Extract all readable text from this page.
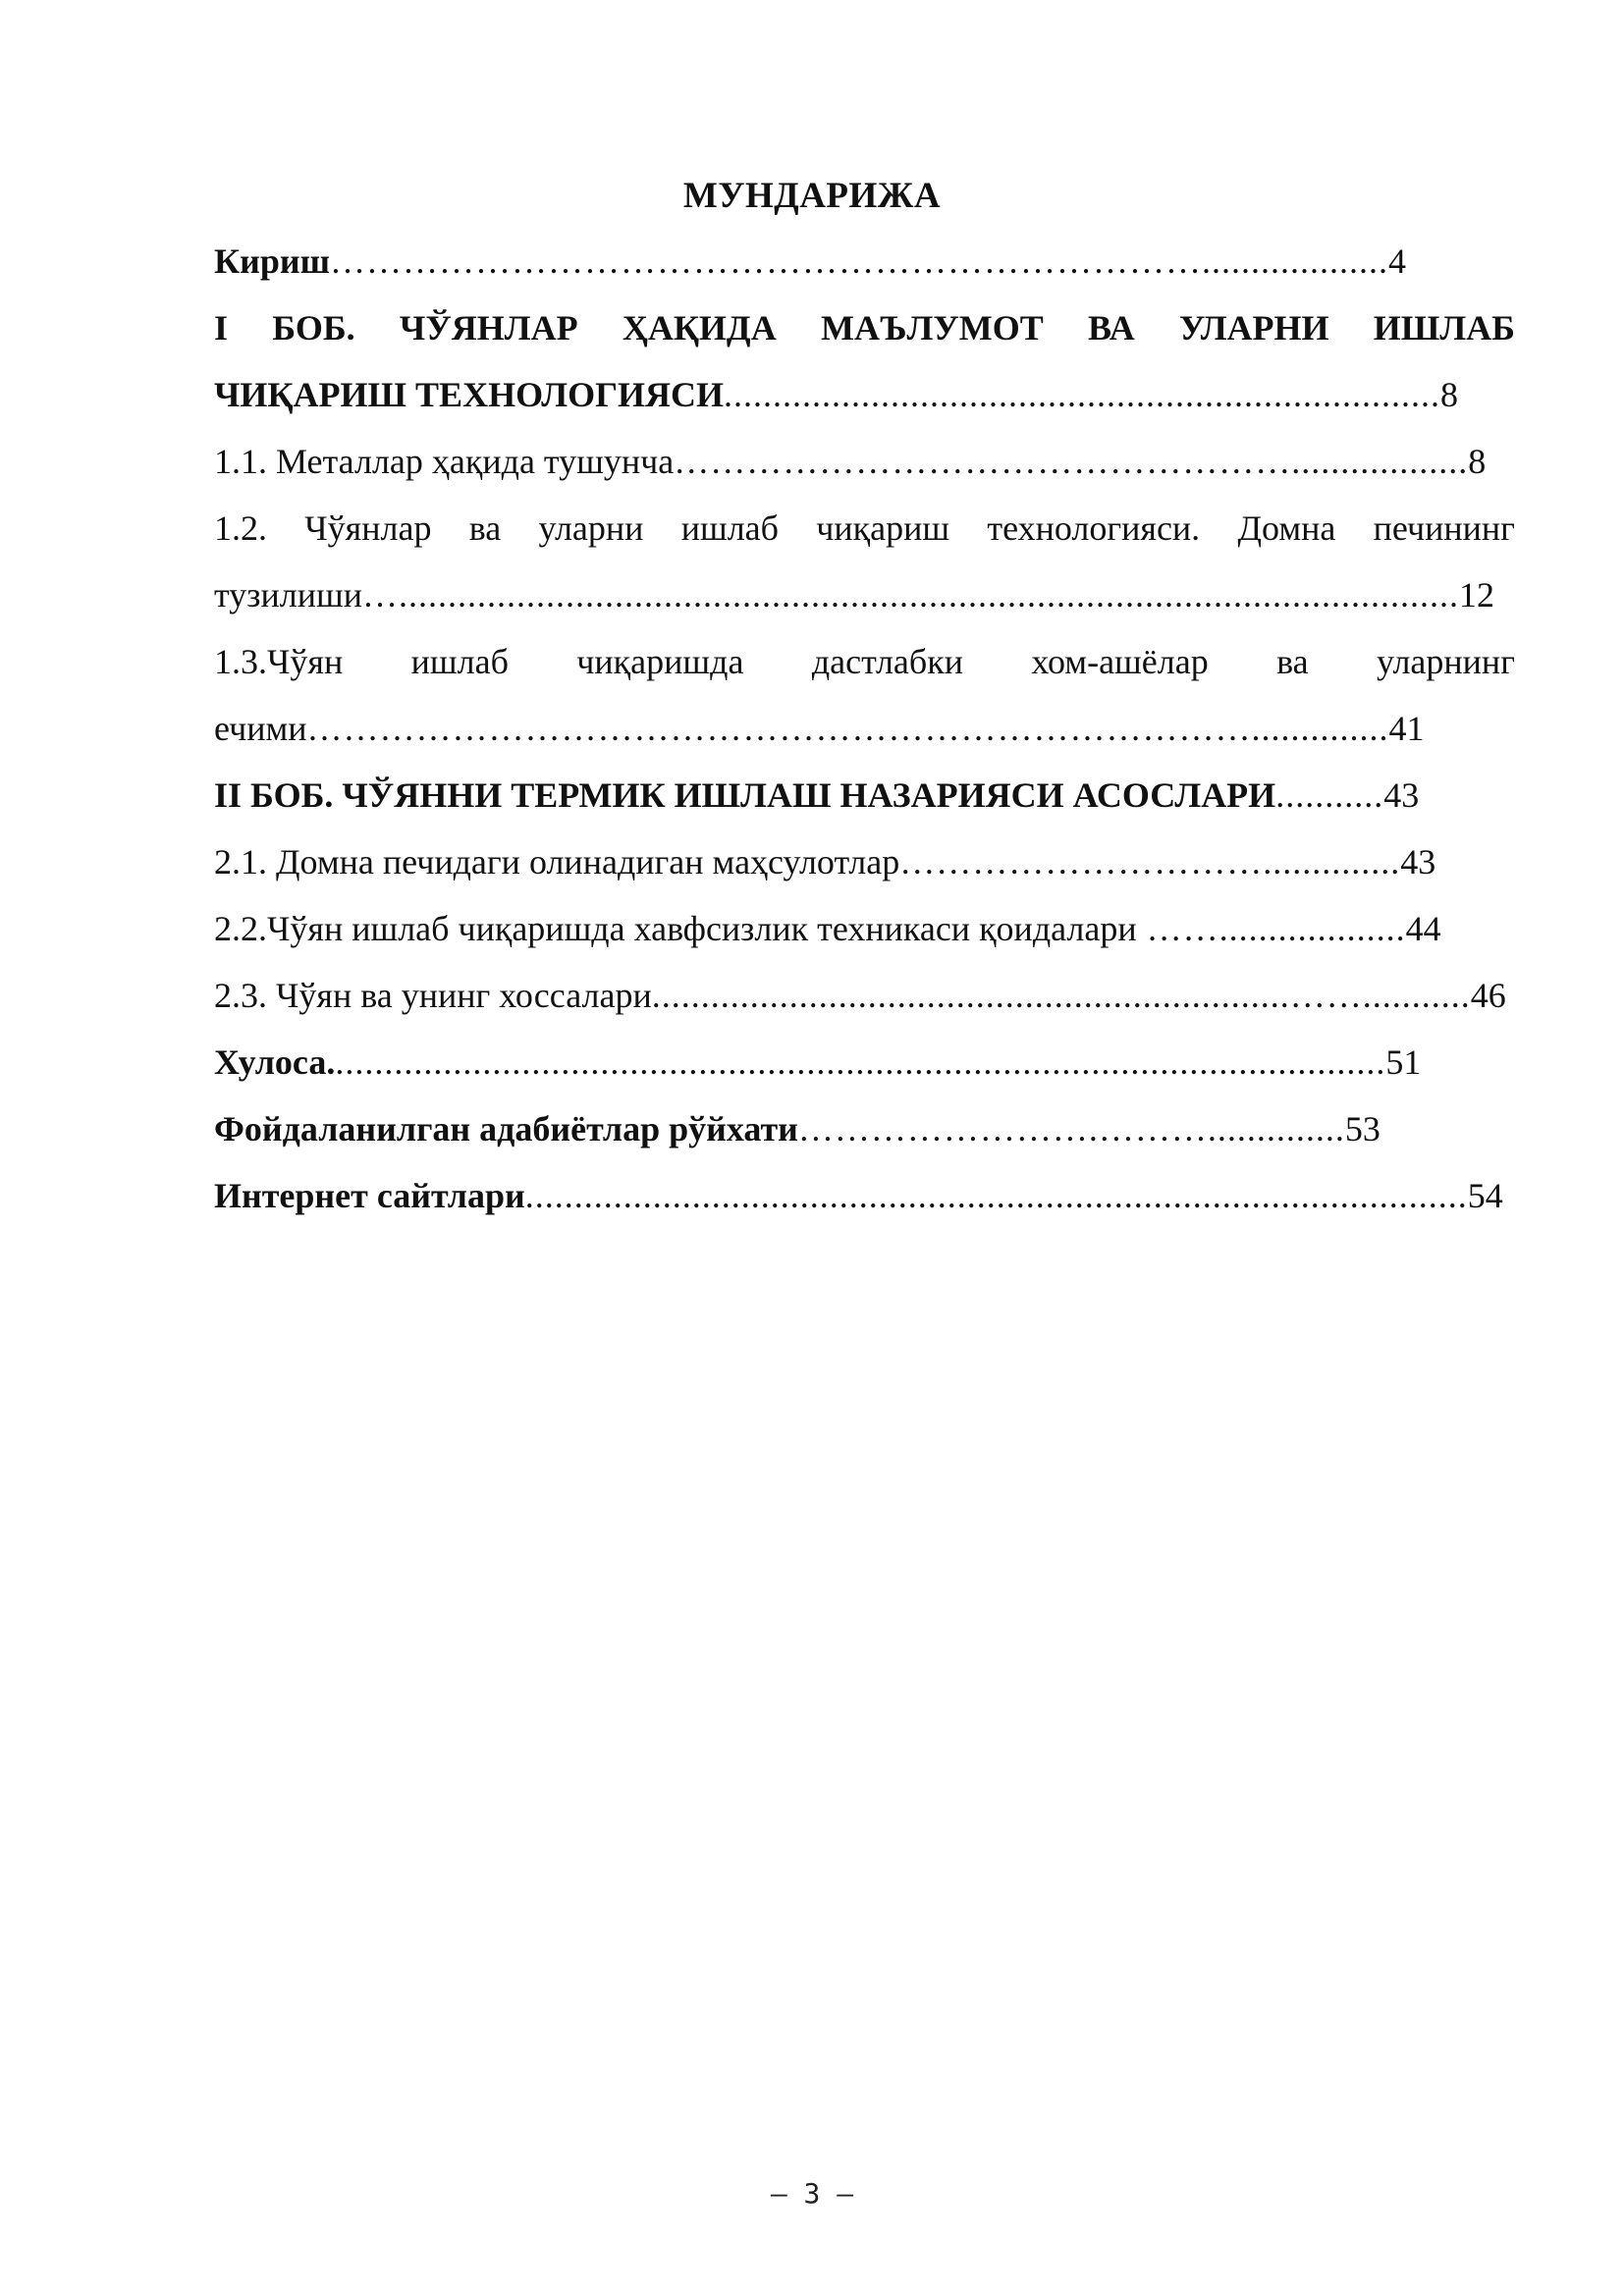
МУНДАРИЖА
Кириш………………………………………………………………...................4
I БОБ. ЧЎЯНЛАР ҲАҚИДА МАЪЛУМОТ ВА УЛАРНИ ИШЛАБ
ЧИҚАРИШ ТЕХНОЛОГИЯСИ.........................................................................8
1.1. Металлар ҳақида тушунча……………………………………………..................8
1.2. Чўянлар ва уларни ишлаб чиқариш технологияси. Домна печининг
тузилиши…............................................................................................................12
1.3.Чўян ишлаб чиқаришда дастлабки хом-ашёлар ва уларнинг
ечими……………………………………………………………………..............41
II БОБ. ЧЎЯННИ ТЕРМИК ИШЛАШ НАЗАРИЯСИ АСОСЛАРИ...........43
2.1. Домна печидаги олинадиган маҳсулотлар…………………………..............43
2.2.Чўян ишлаб чиқаришда хавфсизлик техникаси қоидалари ……...................44
2.3. Чўян ва унинг хоссалари.................................................................……...........46
Хулоса............................................................................................................51
Фойдаланилган адабиётлар рўйхати…………………….………..............53
Интернет сайтлари................................................................................................54
– 3 –
